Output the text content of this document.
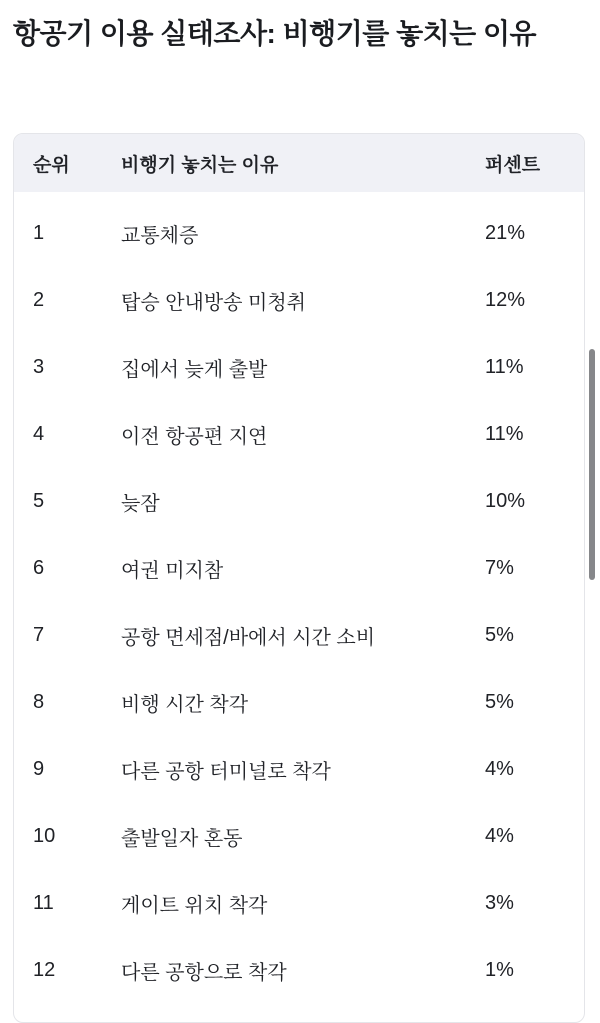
항공기 이용 실태조사: 비행기를 놓치는 이유
순위	비행기 놓치는 이유	퍼센트
1	교통체증	21%
2	탑승 안내방송 미청취	12%
3	집에서 늦게 출발	11%
4	이전 항공편 지연	11%
5	늦잠	10%
6	여권 미지참	7%
7	공항 면세점/바에서 시간 소비	5%
8	비행 시간 착각	5%
9	다른 공항 터미널로 착각	4%
10	출발일자 혼동	4%
11	게이트 위치 착각	3%
12	다른 공항으로 착각	1%
